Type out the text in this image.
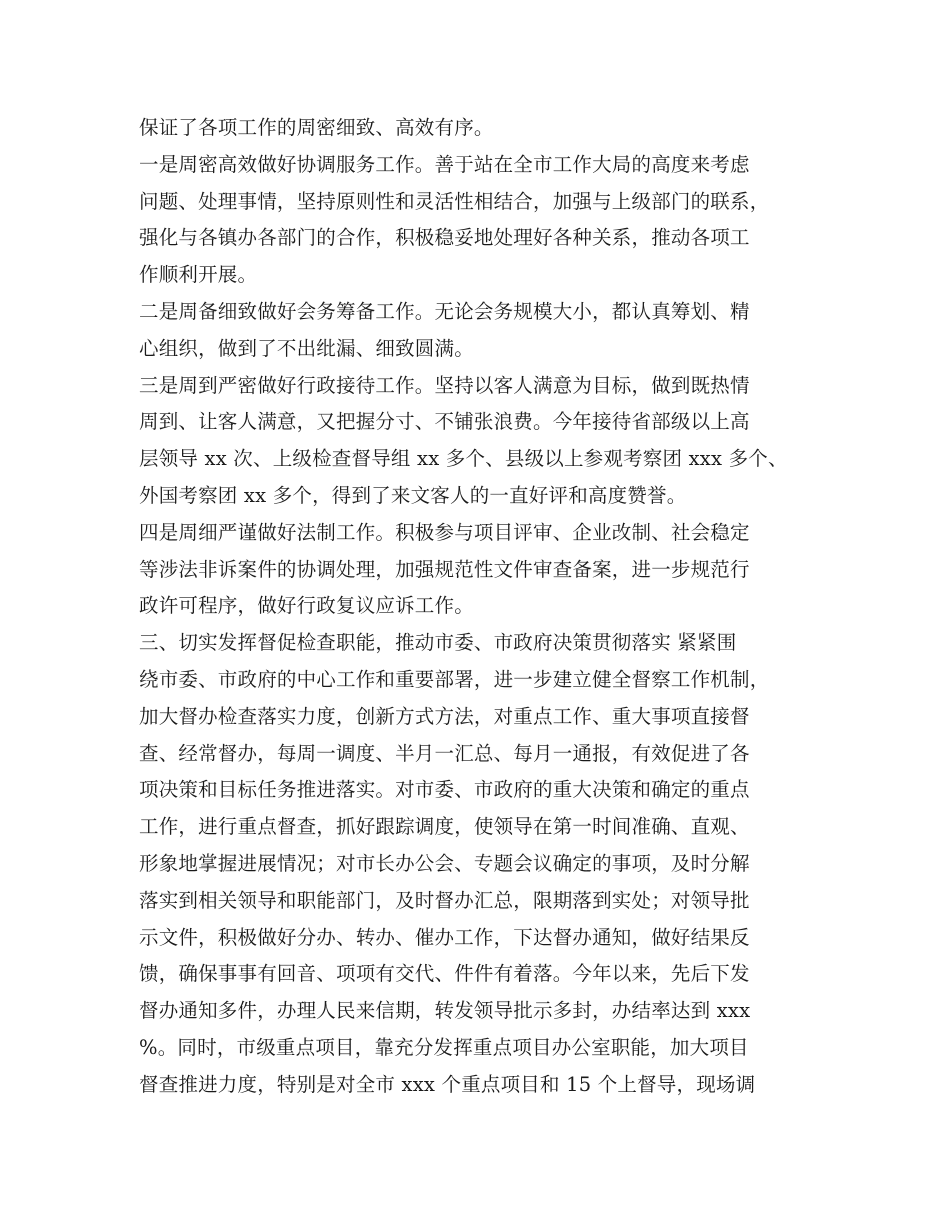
保证了各项工作的周密细致、高效有序。
一是周密高效做好协调服务工作。善于站在全市工作大局的高度来考虑
问题、处理事情，坚持原则性和灵活性相结合，加强与上级部门的联系，
强化与各镇办各部门的合作，积极稳妥地处理好各种关系，推动各项工
作顺利开展。
二是周备细致做好会务筹备工作。无论会务规模大小，都认真筹划、精
心组织，做到了不出纰漏、细致圆满。
三是周到严密做好行政接待工作。坚持以客人满意为目标，做到既热情
周到、让客人满意，又把握分寸、不铺张浪费。今年接待省部级以上高
层领导 xx 次、上级检查督导组 xx 多个、县级以上参观考察团 xxx 多个、
外国考察团 xx 多个，得到了来文客人的一直好评和高度赞誉。
四是周细严谨做好法制工作。积极参与项目评审、企业改制、社会稳定
等涉法非诉案件的协调处理，加强规范性文件审查备案，进一步规范行
政许可程序，做好行政复议应诉工作。
三、切实发挥督促检查职能，推动市委、市政府决策贯彻落实 紧紧围
绕市委、市政府的中心工作和重要部署，进一步建立健全督察工作机制，
加大督办检查落实力度，创新方式方法，对重点工作、重大事项直接督
查、经常督办，每周一调度、半月一汇总、每月一通报，有效促进了各
项决策和目标任务推进落实。对市委、市政府的重大决策和确定的重点
工作，进行重点督查，抓好跟踪调度，使领导在第一时间准确、直观、
形象地掌握进展情况；对市长办公会、专题会议确定的事项，及时分解
落实到相关领导和职能部门，及时督办汇总，限期落到实处；对领导批
示文件，积极做好分办、转办、催办工作，下达督办通知，做好结果反
馈，确保事事有回音、项项有交代、件件有着落。今年以来，先后下发
督办通知多件，办理人民来信期，转发领导批示多封，办结率达到 xxx
%。同时，市级重点项目，靠充分发挥重点项目办公室职能，加大项目
督查推进力度，特别是对全市 xxx 个重点项目和 15 个上督导，现场调
